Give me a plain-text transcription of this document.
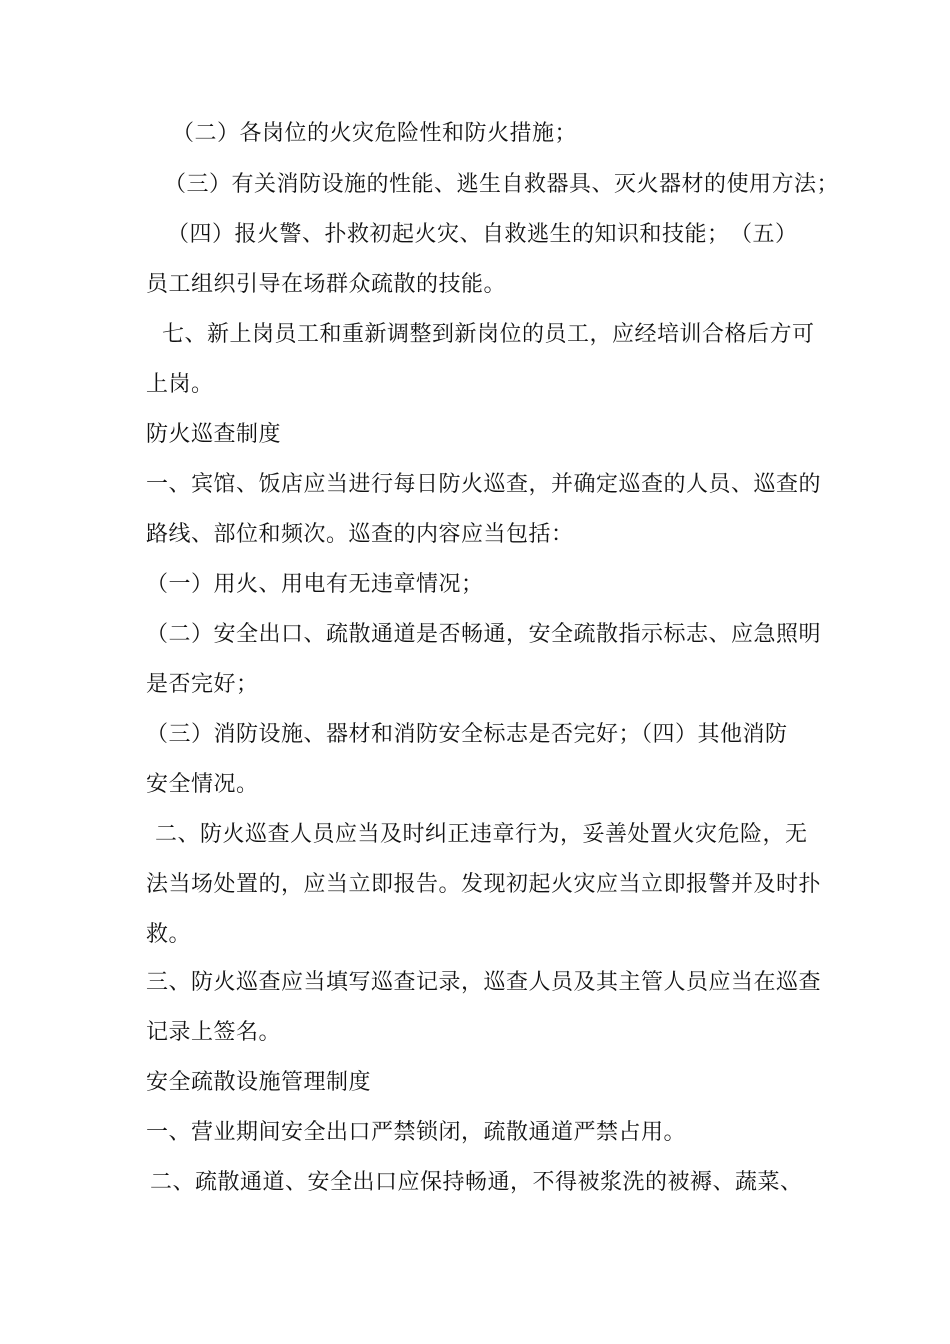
（二）各岗位的火灾危险性和防火措施；
（三）有关消防设施的性能、逃生自救器具、灭火器材的使用方法；
（四）报火警、扑救初起火灾、自救逃生的知识和技能；　（五）
员工组织引导在场群众疏散的技能。
七、新上岗员工和重新调整到新岗位的员工，应经培训合格后方可
上岗。
防火巡查制度
一、宾馆、饭店应当进行每日防火巡查，并确定巡查的人员、巡查的
路线、部位和频次。巡查的内容应当包括：
（一）用火、用电有无违章情况；
（二）安全出口、疏散通道是否畅通，安全疏散指示标志、应急照明
是否完好；
（三）消防设施、器材和消防安全标志是否完好；（四）其他消防
安全情况。
二、防火巡查人员应当及时纠正违章行为，妥善处置火灾危险，无
法当场处置的，应当立即报告。发现初起火灾应当立即报警并及时扑
救。
三、防火巡查应当填写巡查记录，巡查人员及其主管人员应当在巡查
记录上签名。
安全疏散设施管理制度
一、营业期间安全出口严禁锁闭，疏散通道严禁占用。
二、疏散通道、安全出口应保持畅通，不得被浆洗的被褥、蔬菜、
